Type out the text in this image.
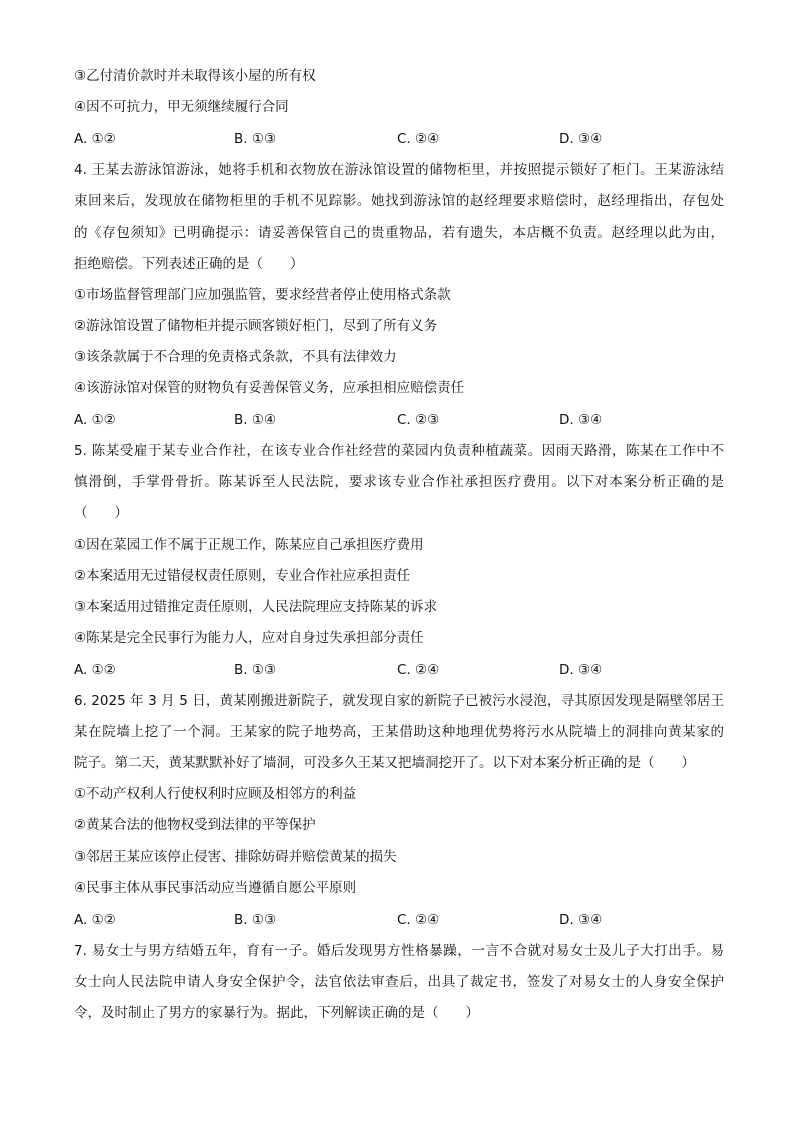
③乙付清价款时并未取得该小屋的所有权
④因不可抗力，甲无须继续履行合同
A. ①②	B. ①③	C. ②④	D. ③④
4. 王某去游泳馆游泳，她将手机和衣物放在游泳馆设置的储物柜里，并按照提示锁好了柜门。王某游泳结
束回来后，发现放在储物柜里的手机不见踪影。她找到游泳馆的赵经理要求赔偿时，赵经理指出，存包处
的《存包须知》已明确提示：请妥善保管自己的贵重物品，若有遗失，本店概不负责。赵经理以此为由，
拒绝赔偿。下列表述正确的是（　　）
①市场监督管理部门应加强监管，要求经营者停止使用格式条款
②游泳馆设置了储物柜并提示顾客锁好柜门，尽到了所有义务
③该条款属于不合理的免责格式条款，不具有法律效力
④该游泳馆对保管的财物负有妥善保管义务，应承担相应赔偿责任
A. ①②	B. ①④	C. ②③	D. ③④
5. 陈某受雇于某专业合作社，在该专业合作社经营的菜园内负责种植蔬菜。因雨天路滑，陈某在工作中不
慎滑倒，手掌骨骨折。陈某诉至人民法院，要求该专业合作社承担医疗费用。以下对本案分析正确的是
（　　）
①因在菜园工作不属于正规工作，陈某应自己承担医疗费用
②本案适用无过错侵权责任原则，专业合作社应承担责任
③本案适用过错推定责任原则，人民法院理应支持陈某的诉求
④陈某是完全民事行为能力人，应对自身过失承担部分责任
A. ①②	B. ①③	C. ②④	D. ③④
6. 2025 年 3 月 5 日，黄某刚搬进新院子，就发现自家的新院子已被污水浸泡，寻其原因发现是隔壁邻居王
某在院墙上挖了一个洞。王某家的院子地势高，王某借助这种地理优势将污水从院墙上的洞排向黄某家的
院子。第二天，黄某默默补好了墙洞，可没多久王某又把墙洞挖开了。以下对本案分析正确的是（　　）
①不动产权利人行使权利时应顾及相邻方的利益
②黄某合法的他物权受到法律的平等保护
③邻居王某应该停止侵害、排除妨碍并赔偿黄某的损失
④民事主体从事民事活动应当遵循自愿公平原则
A. ①②	B. ①③	C. ②④	D. ③④
7. 易女士与男方结婚五年，育有一子。婚后发现男方性格暴躁，一言不合就对易女士及儿子大打出手。易
女士向人民法院申请人身安全保护令，法官依法审查后，出具了裁定书，签发了对易女士的人身安全保护
令，及时制止了男方的家暴行为。据此，下列解读正确的是（　　）
